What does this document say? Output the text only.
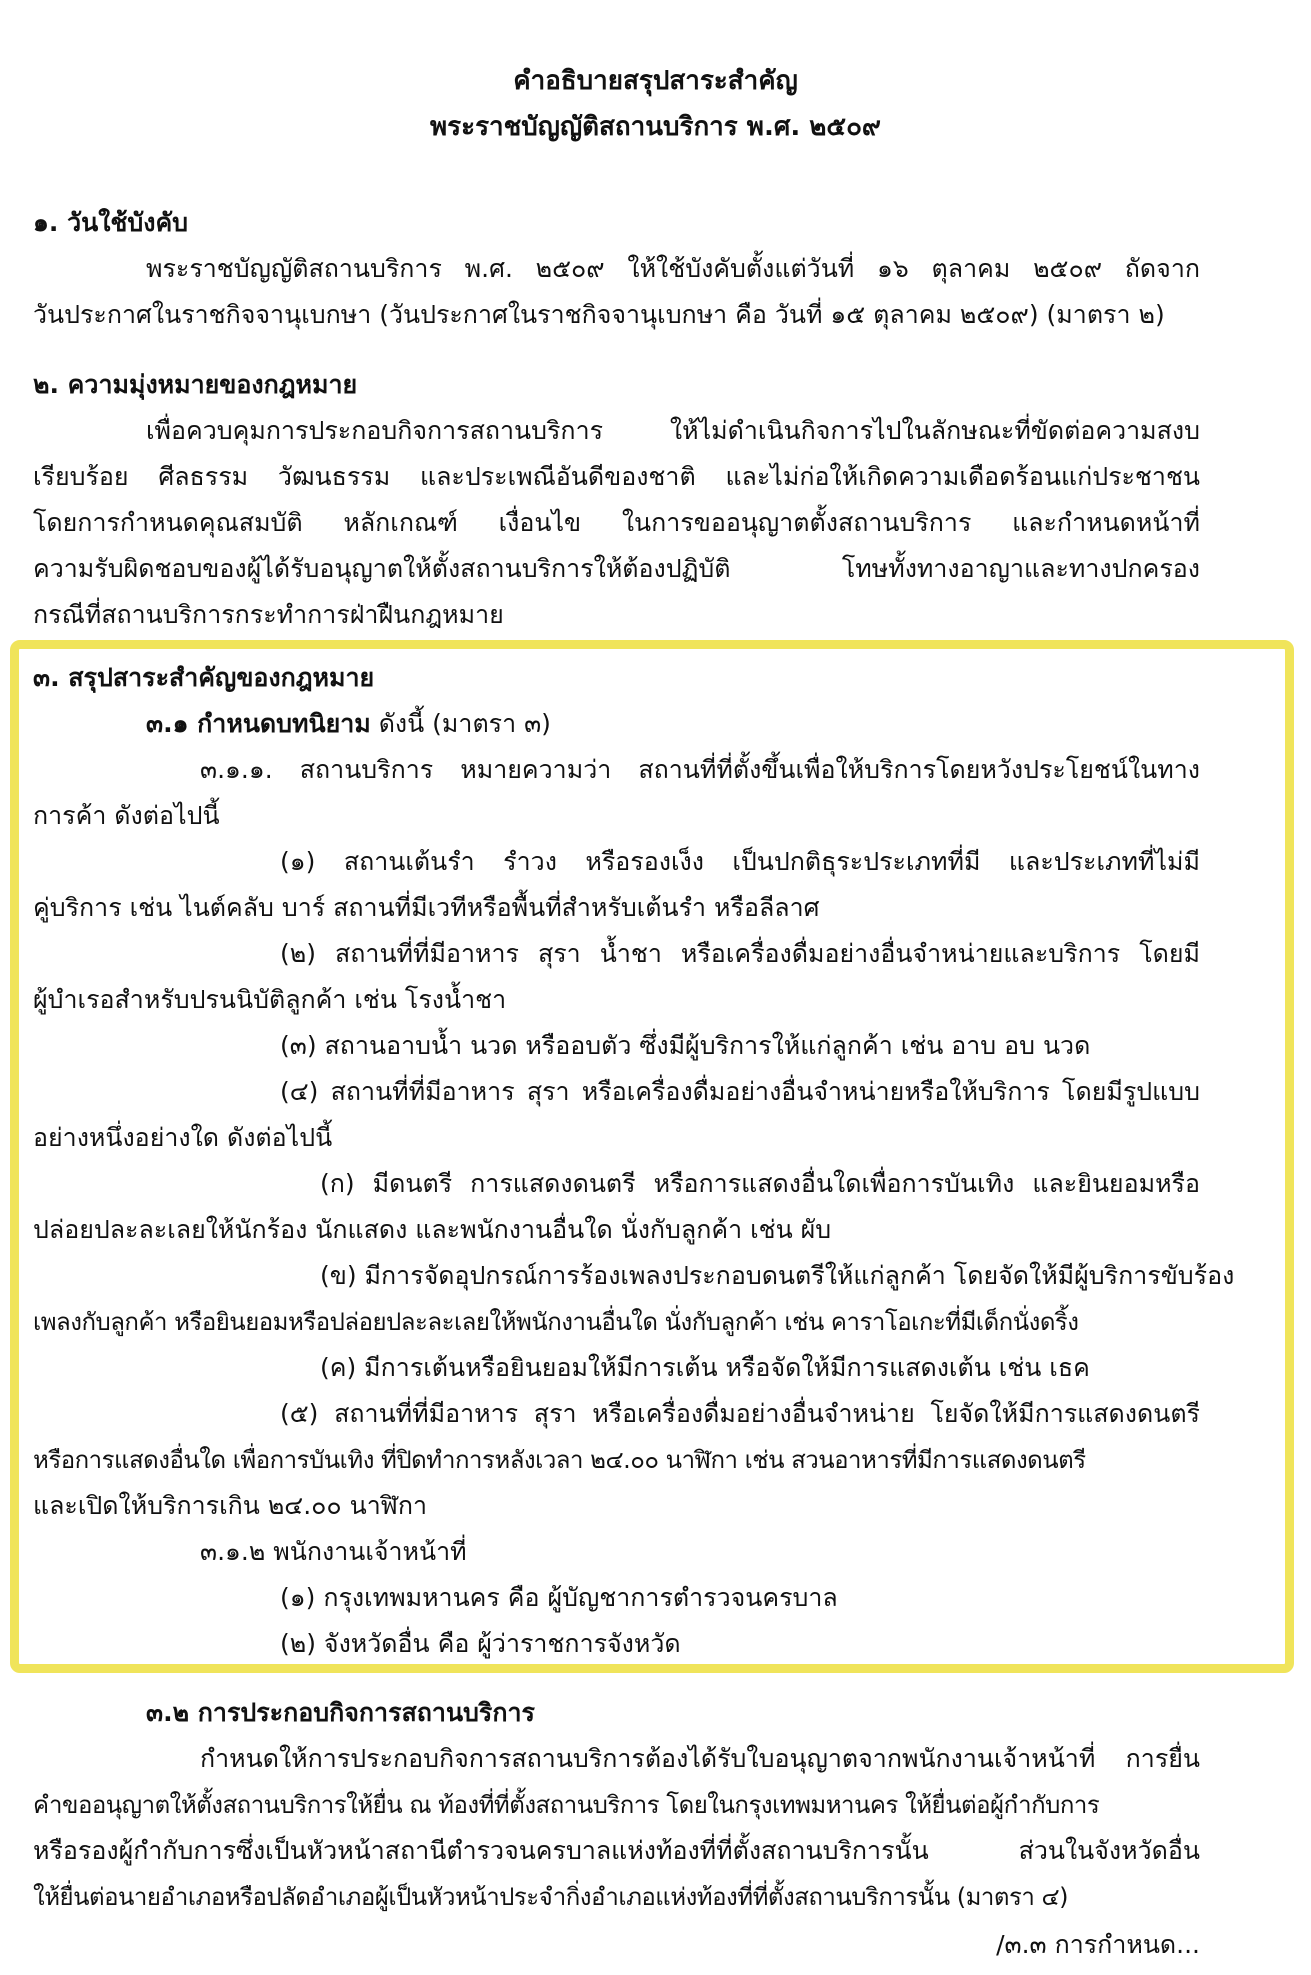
คำอธิบายสรุปสาระสำคัญ
พระราชบัญญัติสถานบริการ พ.ศ. ๒๕๐๙
๑. วันใช้บังคับ
พระราชบัญญัติสถานบริการ พ.ศ. ๒๕๐๙ ให้ใช้บังคับตั้งแต่วันที่ ๑๖ ตุลาคม ๒๕๐๙ ถัดจาก
วันประกาศในราชกิจจานุเบกษา (วันประกาศในราชกิจจานุเบกษา คือ วันที่ ๑๕ ตุลาคม ๒๕๐๙) (มาตรา ๒)
๒. ความมุ่งหมายของกฎหมาย
เพื่อควบคุมการประกอบกิจการสถานบริการ ให้ไม่ดำเนินกิจการไปในลักษณะที่ขัดต่อความสงบ
เรียบร้อย ศีลธรรม วัฒนธรรม และประเพณีอันดีของชาติ และไม่ก่อให้เกิดความเดือดร้อนแก่ประชาชน
โดยการกำหนดคุณสมบัติ หลักเกณฑ์ เงื่อนไข ในการขออนุญาตตั้งสถานบริการ และกำหนดหน้าที่
ความรับผิดชอบของผู้ได้รับอนุญาตให้ตั้งสถานบริการให้ต้องปฏิบัติ โทษทั้งทางอาญาและทางปกครอง
กรณีที่สถานบริการกระทำการฝ่าฝืนกฎหมาย
๓. สรุปสาระสำคัญของกฎหมาย
๓.๑ กำหนดบทนิยาม ดังนี้ (มาตรา ๓)
๓.๑.๑. สถานบริการ หมายความว่า สถานที่ที่ตั้งขึ้นเพื่อให้บริการโดยหวังประโยชน์ในทาง
การค้า ดังต่อไปนี้
(๑) สถานเต้นรำ รำวง หรือรองเง็ง เป็นปกติธุระประเภทที่มี และประเภทที่ไม่มี
คู่บริการ เช่น ไนต์คลับ บาร์ สถานที่มีเวทีหรือพื้นที่สำหรับเต้นรำ หรือลีลาศ
(๒) สถานที่ที่มีอาหาร สุรา น้ำชา หรือเครื่องดื่มอย่างอื่นจำหน่ายและบริการ โดยมี
ผู้บำเรอสำหรับปรนนิบัติลูกค้า เช่น โรงน้ำชา
(๓) สถานอาบน้ำ นวด หรืออบตัว ซึ่งมีผู้บริการให้แก่ลูกค้า เช่น อาบ อบ นวด
(๔) สถานที่ที่มีอาหาร สุรา หรือเครื่องดื่มอย่างอื่นจำหน่ายหรือให้บริการ โดยมีรูปแบบ
อย่างหนึ่งอย่างใด ดังต่อไปนี้
(ก) มีดนตรี การแสดงดนตรี หรือการแสดงอื่นใดเพื่อการบันเทิง และยินยอมหรือ
ปล่อยปละละเลยให้นักร้อง นักแสดง และพนักงานอื่นใด นั่งกับลูกค้า เช่น ผับ
(ข) มีการจัดอุปกรณ์การร้องเพลงประกอบดนตรีให้แก่ลูกค้า โดยจัดให้มีผู้บริการขับร้อง
เพลงกับลูกค้า หรือยินยอมหรือปล่อยปละละเลยให้พนักงานอื่นใด นั่งกับลูกค้า เช่น คาราโอเกะที่มีเด็กนั่งดริ้ง
(ค) มีการเต้นหรือยินยอมให้มีการเต้น หรือจัดให้มีการแสดงเต้น เช่น เธค
(๕) สถานที่ที่มีอาหาร สุรา หรือเครื่องดื่มอย่างอื่นจำหน่าย โยจัดให้มีการแสดงดนตรี
หรือการแสดงอื่นใด เพื่อการบันเทิง ที่ปิดทำการหลังเวลา ๒๔.๐๐ นาฬิกา เช่น สวนอาหารที่มีการแสดงดนตรี
และเปิดให้บริการเกิน ๒๔.๐๐ นาฬิกา
๓.๑.๒ พนักงานเจ้าหน้าที่
(๑) กรุงเทพมหานคร คือ ผู้บัญชาการตำรวจนครบาล
(๒) จังหวัดอื่น คือ ผู้ว่าราชการจังหวัด
๓.๒ การประกอบกิจการสถานบริการ
กำหนดให้การประกอบกิจการสถานบริการต้องได้รับใบอนุญาตจากพนักงานเจ้าหน้าที่ การยื่น
คำขออนุญาตให้ตั้งสถานบริการให้ยื่น ณ ท้องที่ที่ตั้งสถานบริการ โดยในกรุงเทพมหานคร ให้ยื่นต่อผู้กำกับการ
หรือรองผู้กำกับการซึ่งเป็นหัวหน้าสถานีตำรวจนครบาลแห่งท้องที่ที่ตั้งสถานบริการนั้น ส่วนในจังหวัดอื่น
ให้ยื่นต่อนายอำเภอหรือปลัดอำเภอผู้เป็นหัวหน้าประจำกิ่งอำเภอแห่งท้องที่ที่ตั้งสถานบริการนั้น (มาตรา ๔)
/๓.๓ การกำหนด...
